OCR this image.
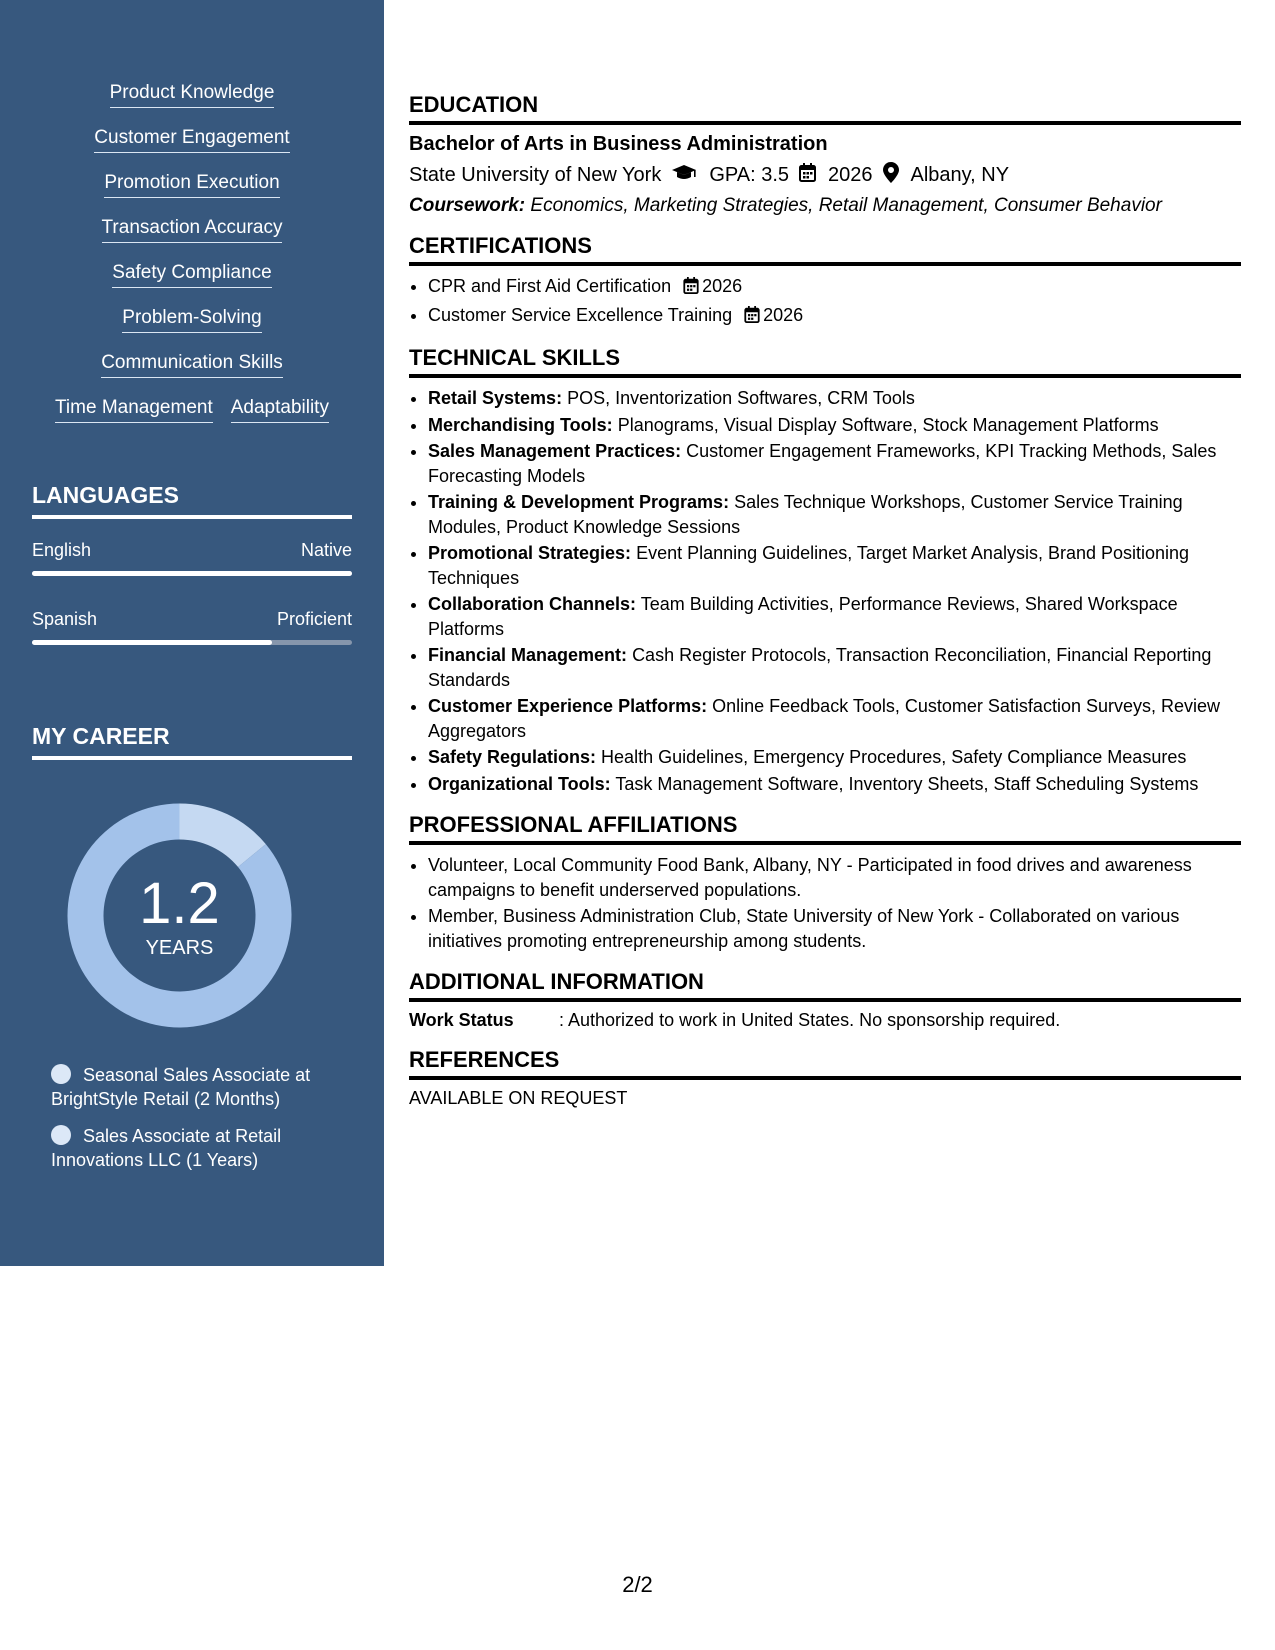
Product Knowledge
Customer Engagement
Promotion Execution
Transaction Accuracy
Safety Compliance
Problem-Solving
Communication Skills
Time Management Adaptability
LANGUAGES
English	Native
Spanish	Proficient
MY CAREER
1.2
YEARS
Seasonal Sales Associate at BrightStyle Retail (2 Months)
Sales Associate at Retail Innovations LLC (1 Years)
EDUCATION
Bachelor of Arts in Business Administration
State University of New York GPA: 3.5 2026 Albany, NY
Coursework: Economics, Marketing Strategies, Retail Management, Consumer Behavior
CERTIFICATIONS
• CPR and First Aid Certification 2026
• Customer Service Excellence Training 2026
TECHNICAL SKILLS
• Retail Systems: POS, Inventorization Softwares, CRM Tools
• Merchandising Tools: Planograms, Visual Display Software, Stock Management Platforms
• Sales Management Practices: Customer Engagement Frameworks, KPI Tracking Methods, Sales Forecasting Models
• Training & Development Programs: Sales Technique Workshops, Customer Service Training Modules, Product Knowledge Sessions
• Promotional Strategies: Event Planning Guidelines, Target Market Analysis, Brand Positioning Techniques
• Collaboration Channels: Team Building Activities, Performance Reviews, Shared Workspace Platforms
• Financial Management: Cash Register Protocols, Transaction Reconciliation, Financial Reporting Standards
• Customer Experience Platforms: Online Feedback Tools, Customer Satisfaction Surveys, Review Aggregators
• Safety Regulations: Health Guidelines, Emergency Procedures, Safety Compliance Measures
• Organizational Tools: Task Management Software, Inventory Sheets, Staff Scheduling Systems
PROFESSIONAL AFFILIATIONS
• Volunteer, Local Community Food Bank, Albany, NY - Participated in food drives and awareness campaigns to benefit underserved populations.
• Member, Business Administration Club, State University of New York - Collaborated on various initiatives promoting entrepreneurship among students.
ADDITIONAL INFORMATION
Work Status	: Authorized to work in United States. No sponsorship required.
REFERENCES
AVAILABLE ON REQUEST
2/2
